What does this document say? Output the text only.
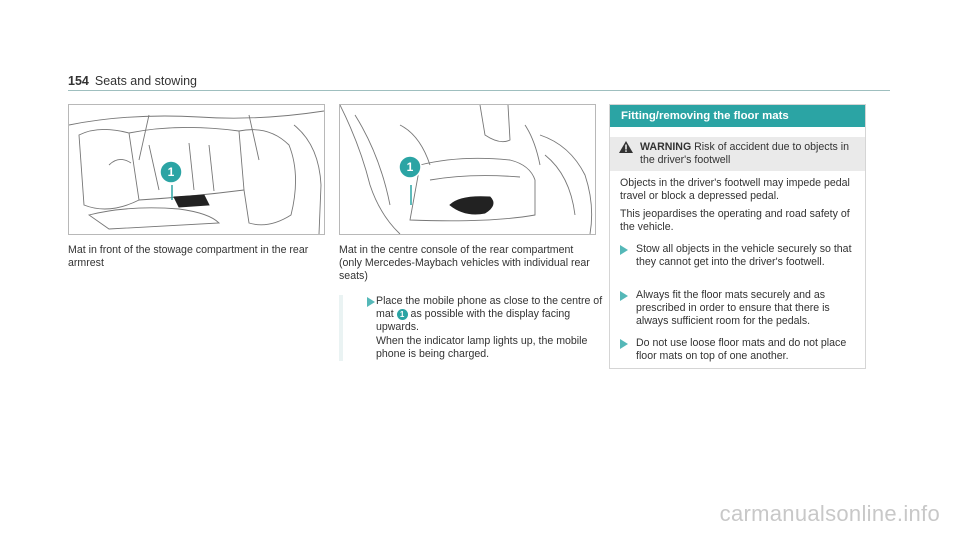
154 Seats and stowing
1
Mat in front of the stowage compartment in the rear armrest
1
Mat in the centre console of the rear compartment (only Mercedes-Maybach vehicles with individual rear seats)
Place the mobile phone as close to the centre of mat 1 as possible with the display facing upwards.
When the indicator lamp lights up, the mobile phone is being charged.
Fitting/removing the floor mats
WARNING Risk of accident due to objects in the driver's footwell
Objects in the driver's footwell may impede pedal travel or block a depressed pedal.
This jeopardises the operating and road safety of the vehicle.
Stow all objects in the vehicle securely so that they cannot get into the driver's footwell.
Always fit the floor mats securely and as prescribed in order to ensure that there is always sufficient room for the pedals.
Do not use loose floor mats and do not place floor mats on top of one another.
carmanualsonline.info
